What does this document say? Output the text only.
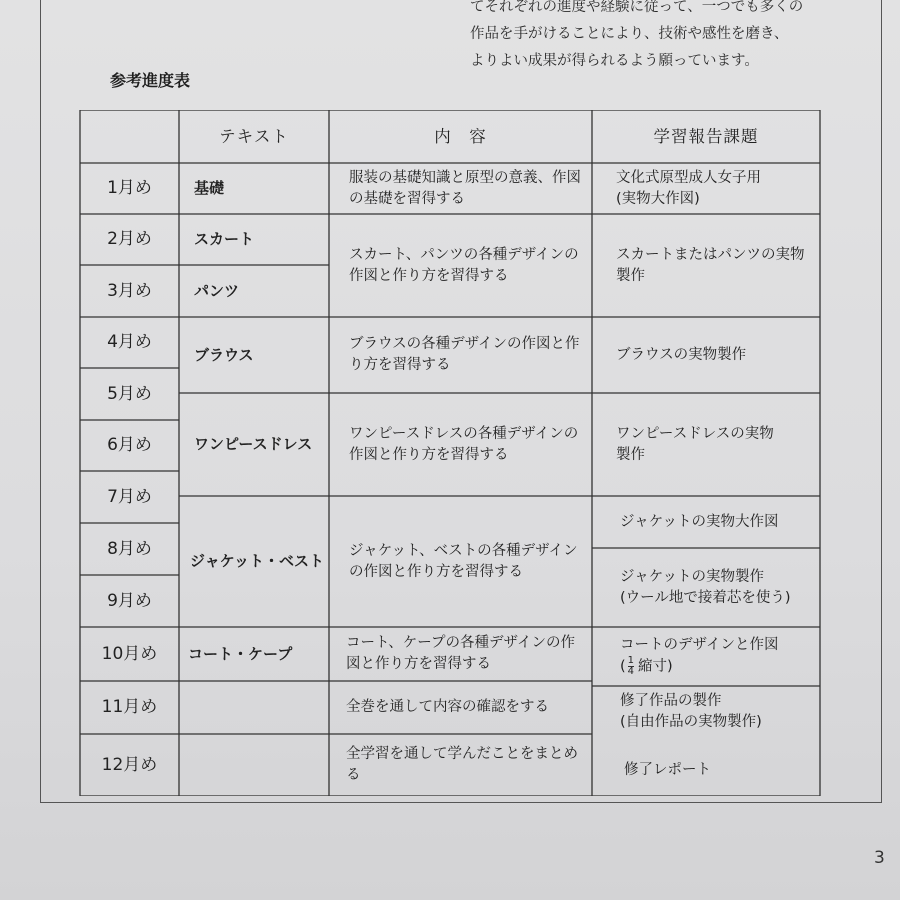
てそれぞれの進度や経験に従って、一つでも多くの
作品を手がけることにより、技術や感性を磨き、
よりよい成果が得られるよう願っています。
参考進度表
テキスト	内　容	学習報告課題
1月め
2月め
3月め
4月め
5月め
6月め
7月め
8月め
9月め
10月め
11月め
12月め
基礎
スカート
パンツ
ブラウス
ワンピースドレス
ジャケット・ベスト
コート・ケープ
服装の基礎知識と原型の意義、作図の基礎を習得する
スカート、パンツの各種デザインの作図と作り方を習得する
ブラウスの各種デザインの作図と作り方を習得する
ワンピースドレスの各種デザインの作図と作り方を習得する
ジャケット、ベストの各種デザインの作図と作り方を習得する
コート、ケープの各種デザインの作図と作り方を習得する
全巻を通して内容の確認をする
全学習を通して学んだことをまとめる
文化式原型成人女子用
(実物大作図)
スカートまたはパンツの実物製作
ブラウスの実物製作
ワンピースドレスの実物製作
ジャケットの実物大作図
ジャケットの実物製作
(ウール地で接着芯を使う)
コートのデザインと作図
( $\frac{1}{4}$ 縮寸)
修了作品の製作
(自由作品の実物製作)
修了レポート
3
